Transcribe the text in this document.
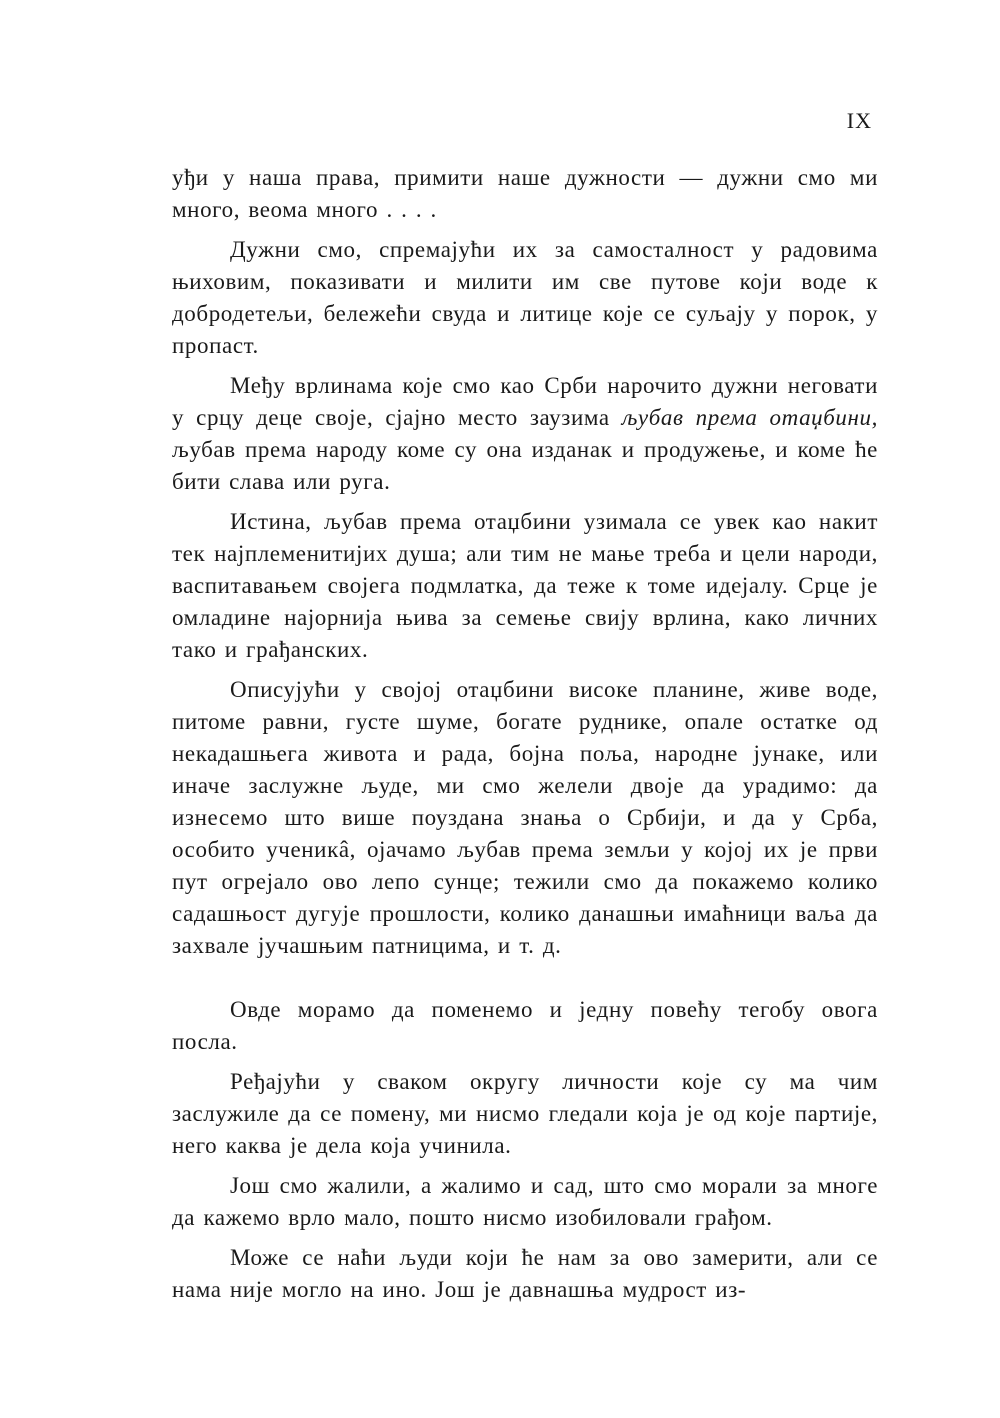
IX

уђи у наша права, примити наше дужности — дужни смо ми много, веома много . . . .

Дужни смо, спремајући их за самосталност у радовима њиховим, показивати и милити им све путове који воде к добродетељи, бележећи свуда и литице које се суљају у порок, у пропаст.

Међу врлинама које смо као Срби нарочито дужни неговати у срцу деце своје, сјајно место заузима љубав према отаџбини, љубав према народу коме су она изданак и продужење, и коме ће бити слава или руга.

Истина, љубав према отаџбини узимала се увек као накит тек најплеменитијих душа; али тим не мање треба и цели народи, васпитавањем својега подмлатка, да теже к томе идејалу. Срце је омладине најорнија њива за семење свију врлина, како личних тако и грађанских.

Описујући у својој отаџбини високе планине, живе воде, питоме равни, густе шуме, богате руднике, опале остатке од некадашњега живота и рада, бојна поља, народне јунаке, или иначе заслужне људе, ми смо желели двоје да урадимо: да изнесемо што више поуздана знања о Србији, и да у Срба, особито ученикâ, ојачамо љубав према земљи у којој их је први пут огрејало ово лепо сунце; тежили смо да покажемо колико садашњост дугује прошлости, колико данашњи имаћници ваља да захвале јучашњим патницима, и т. д.

Овде морамо да поменемо и једну повећу тегобу овога посла.

Ређајући у сваком округу личности које су ма чим заслужиле да се помену, ми нисмо гледали која је од које партије, него каква је дела која учинила.

Још смо жалили, а жалимо и сад, што смо морали за многе да кажемо врло мало, пошто нисмо изобиловали грађом.

Може се наћи људи који ће нам за ово замерити, али се нама није могло на ино. Још је давнашња мудрост из-
